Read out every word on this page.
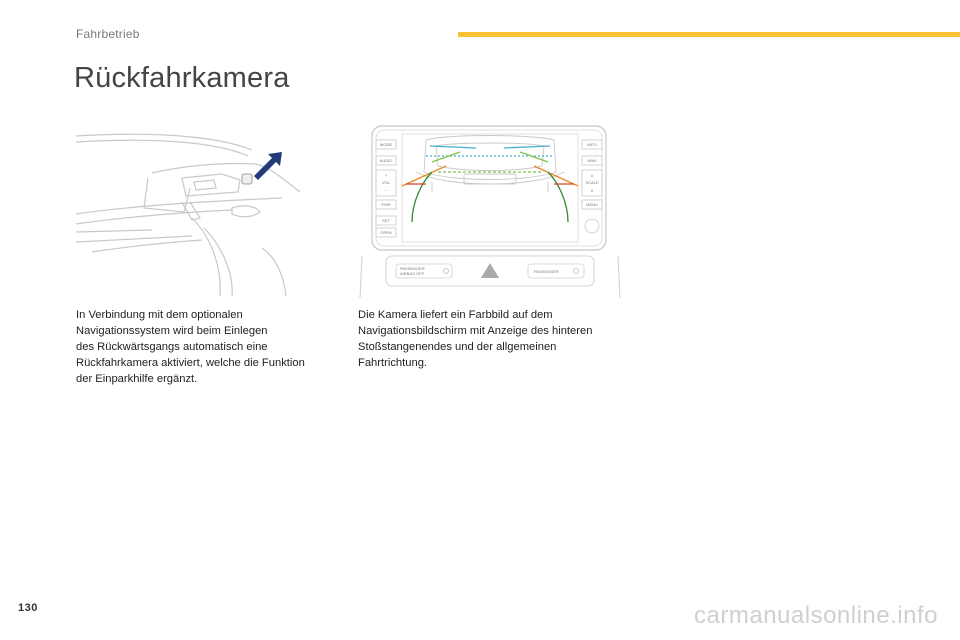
Fahrbetrieb
Rückfahrkamera
MODE
AUDIO
+
VOL
−
PWR
SET
OPEN
INFO
NAVI
∧
SCALE
∨
MENU
PASSENGER
AIRBAG OFF	PASSENGER
In Verbindung mit dem optionalen
Navigationssystem wird beim Einlegen
des Rückwärtsgangs automatisch eine
Rückfahrkamera aktiviert, welche die Funktion
der Einparkhilfe ergänzt.
Die Kamera liefert ein Farbbild auf dem
Navigationsbildschirm mit Anzeige des hinteren
Stoßstangenendes und der allgemeinen
Fahrtrichtung.
130	carmanualsonline.info
